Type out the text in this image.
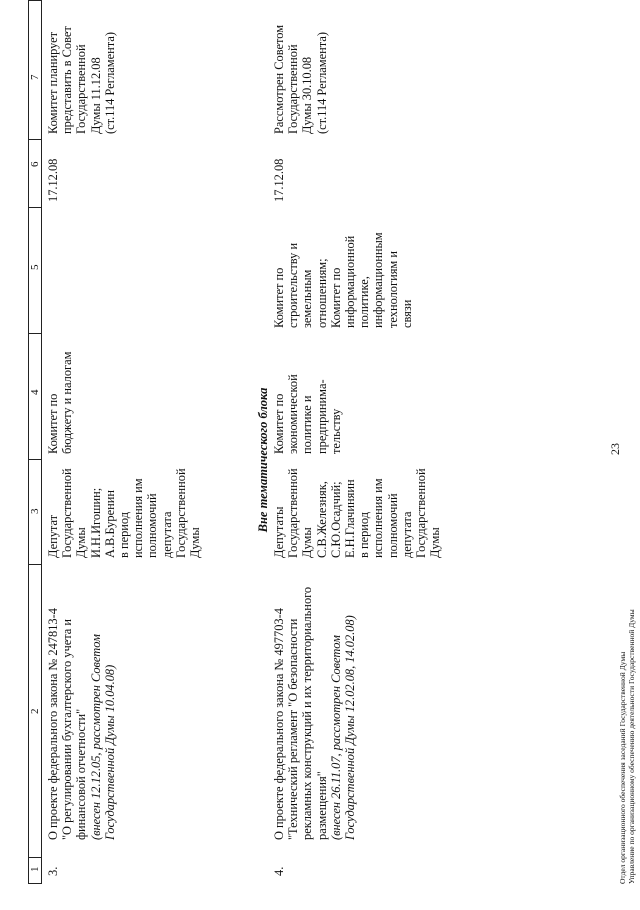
23
1
2
3
4
5
6
7
3.
О проекте федерального закона № 247813-4 "О регулировании бухгалтерского учета и финансовой отчетности" (внесен 12.12.05, рассмотрен Советом Государственной Думы 10.04.08)
Депутат Государственной Думы И.Н.Игошин; А.В.Буренин в период исполнения им полномочий депутата Государственной Думы
Комитет по бюджету и налогам
17.12.08
Комитет планирует представить в Совет Государственной Думы 11.12.08 (ст.114 Регламента)
Вне тематического блока
4.
О проекте федерального закона № 497703-4 "Технический регламент "О безопасности рекламных конструкций и их территориального размещения" (внесен 26.11.07, рассмотрен Советом Государственной Думы 12.02.08, 14.02.08)
Депутаты Государственной Думы С.В.Железняк, С.Ю.Осадчий; Е.Н.Глачиняин в период исполнения им полномочий депутата Государственной Думы
Комитет по экономической политике и предпринима- тельству
Комитет по строительству и земельным отношениям; Комитет по информационной политике, информационным технологиям и связи
17.12.08
Рассмотрен Советом Государственной Думы 30.10.08 (ст.114 Регламента)
Отдел организационного обеспечения заседаний Государственной Думы Управление по организационному обеспечению деятельности Государственной Думы
